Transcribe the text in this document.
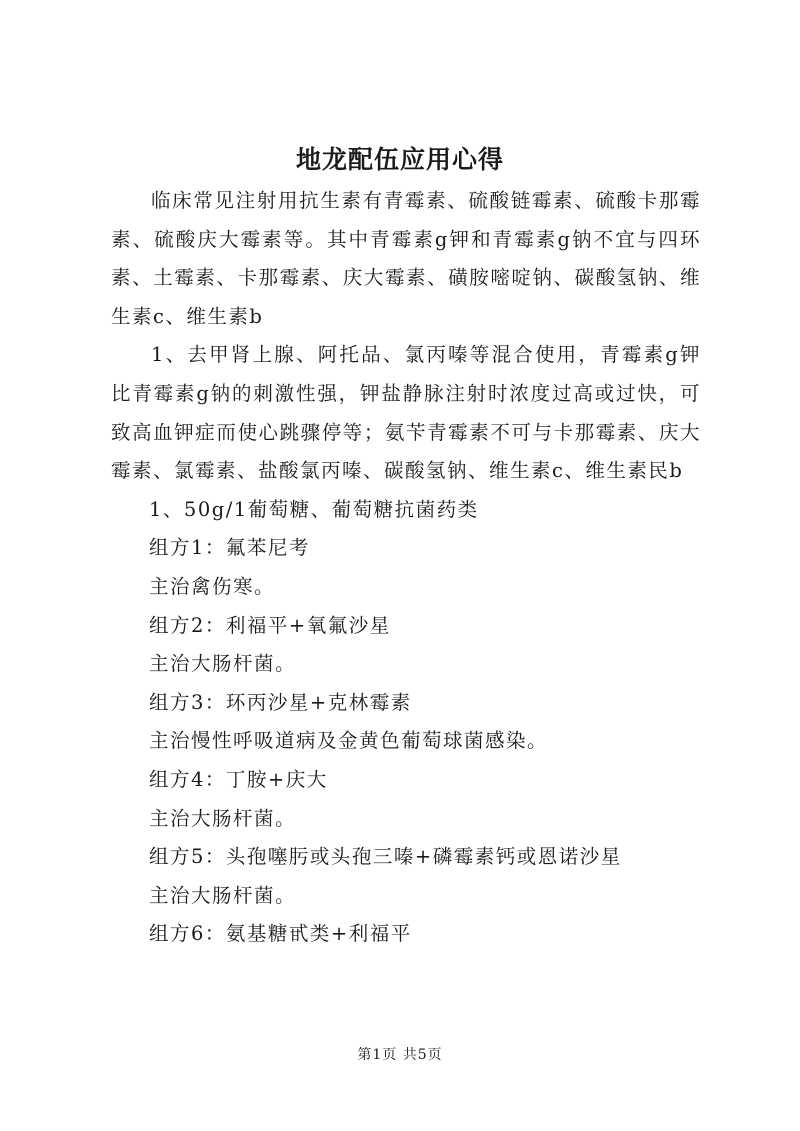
地龙配伍应用心得

临床常见注射用抗生素有青霉素、硫酸链霉素、硫酸卡那霉素、硫酸庆大霉素等。其中青霉素g钾和青霉素g钠不宜与四环素、土霉素、卡那霉素、庆大霉素、磺胺嘧啶钠、碳酸氢钠、维生素c、维生素b

1、去甲肾上腺、阿托品、氯丙嗪等混合使用，青霉素g钾比青霉素g钠的刺激性强，钾盐静脉注射时浓度过高或过快，可致高血钾症而使心跳骤停等；氨苄青霉素不可与卡那霉素、庆大霉素、氯霉素、盐酸氯丙嗪、碳酸氢钠、维生素c、维生素民b

1、50g/1葡萄糖、葡萄糖抗菌药类

组方1：氟苯尼考

主治禽伤寒。

组方2：利福平+氧氟沙星

主治大肠杆菌。

组方3：环丙沙星+克林霉素

主治慢性呼吸道病及金黄色葡萄球菌感染。

组方4：丁胺+庆大

主治大肠杆菌。

组方5：头孢噻肟或头孢三嗪+磷霉素钙或恩诺沙星

主治大肠杆菌。

组方6：氨基糖甙类+利福平

第1页 共5页
